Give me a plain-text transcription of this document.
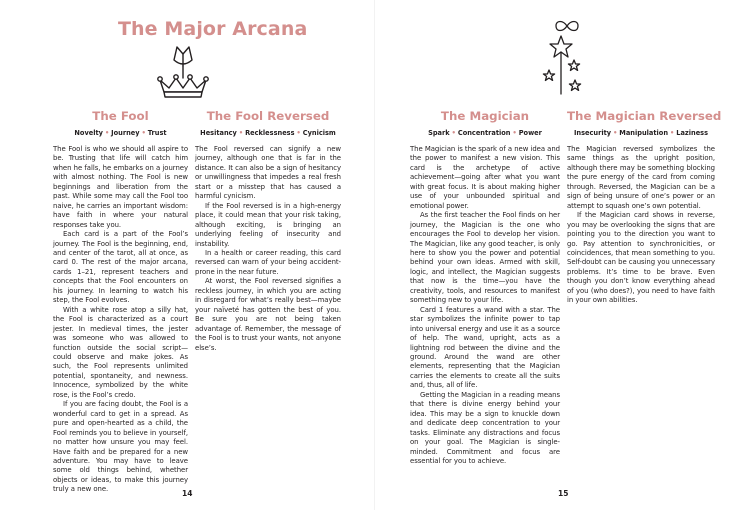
The Major Arcana
The Fool
Novelty • Journey • Trust

The Fool is who we should all aspire to be. Trusting that life will catch him when he falls, he embarks on a journey with almost nothing. The Fool is new beginnings and liberation from the past. While some may call the Fool too naive, he carries an important wisdom: have faith in where your natural responses take you.

Each card is a part of the Fool’s journey. The Fool is the beginning, end, and center of the tarot, all at once, as card 0. The rest of the major arcana, cards 1–21, represent teachers and concepts that the Fool encounters on his journey. In learning to watch his step, the Fool evolves.

With a white rose atop a silly hat, the Fool is characterized as a court jester. In medieval times, the jester was someone who was allowed to function outside the social script—could observe and make jokes. As such, the Fool represents unlimited potential, spontaneity, and newness. Innocence, symbolized by the white rose, is the Fool’s credo.

If you are facing doubt, the Fool is a wonderful card to get in a spread. As pure and open-hearted as a child, the Fool reminds you to believe in yourself, no matter how unsure you may feel. Have faith and be prepared for a new adventure. You may have to leave some old things behind, whether objects or ideas, to make this journey truly a new one.

The Fool Reversed
Hesitancy • Recklessness • Cynicism

The Fool reversed can signify a new journey, although one that is far in the distance. It can also be a sign of hesitancy or unwillingness that impedes a real fresh start or a misstep that has caused a harmful cynicism.

If the Fool reversed is in a high-energy place, it could mean that your risk taking, although exciting, is bringing an underlying feeling of insecurity and instability.

In a health or career reading, this card reversed can warn of your being accident-prone in the near future.

At worst, the Fool reversed signifies a reckless journey, in which you are acting in disregard for what’s really best—maybe your naïveté has gotten the best of you. Be sure you are not being taken advantage of. Remember, the message of the Fool is to trust your wants, not anyone else’s.

14
The Magician
Spark • Concentration • Power

The Magician is the spark of a new idea and the power to manifest a new vision. This card is the archetype of active achievement—going after what you want with great focus. It is about making higher use of your unbounded spiritual and emotional power.

As the first teacher the Fool finds on her journey, the Magician is the one who encourages the Fool to develop her vision. The Magician, like any good teacher, is only here to show you the power and potential behind your own ideas. Armed with skill, logic, and intellect, the Magician suggests that now is the time—you have the creativity, tools, and resources to manifest something new to your life.

Card 1 features a wand with a star. The star symbolizes the infinite power to tap into universal energy and use it as a source of help. The wand, upright, acts as a lightning rod between the divine and the ground. Around the wand are other elements, representing that the Magician carries the elements to create all the suits and, thus, all of life.

Getting the Magician in a reading means that there is divine energy behind your idea. This may be a sign to knuckle down and dedicate deep concentration to your tasks. Eliminate any distractions and focus on your goal. The Magician is single-minded. Commitment and focus are essential for you to achieve.

The Magician Reversed
Insecurity • Manipulation • Laziness

The Magician reversed symbolizes the same things as the upright position, although there may be something blocking the pure energy of the card from coming through. Reversed, the Magician can be a sign of being unsure of one’s power or an attempt to squash one’s own potential.

If the Magician card shows in reverse, you may be overlooking the signs that are pointing you to the direction you want to go. Pay attention to synchronicities, or coincidences, that mean something to you. Self-doubt can be causing you unnecessary problems. It’s time to be brave. Even though you don’t know everything ahead of you (who does?), you need to have faith in your own abilities.

15
